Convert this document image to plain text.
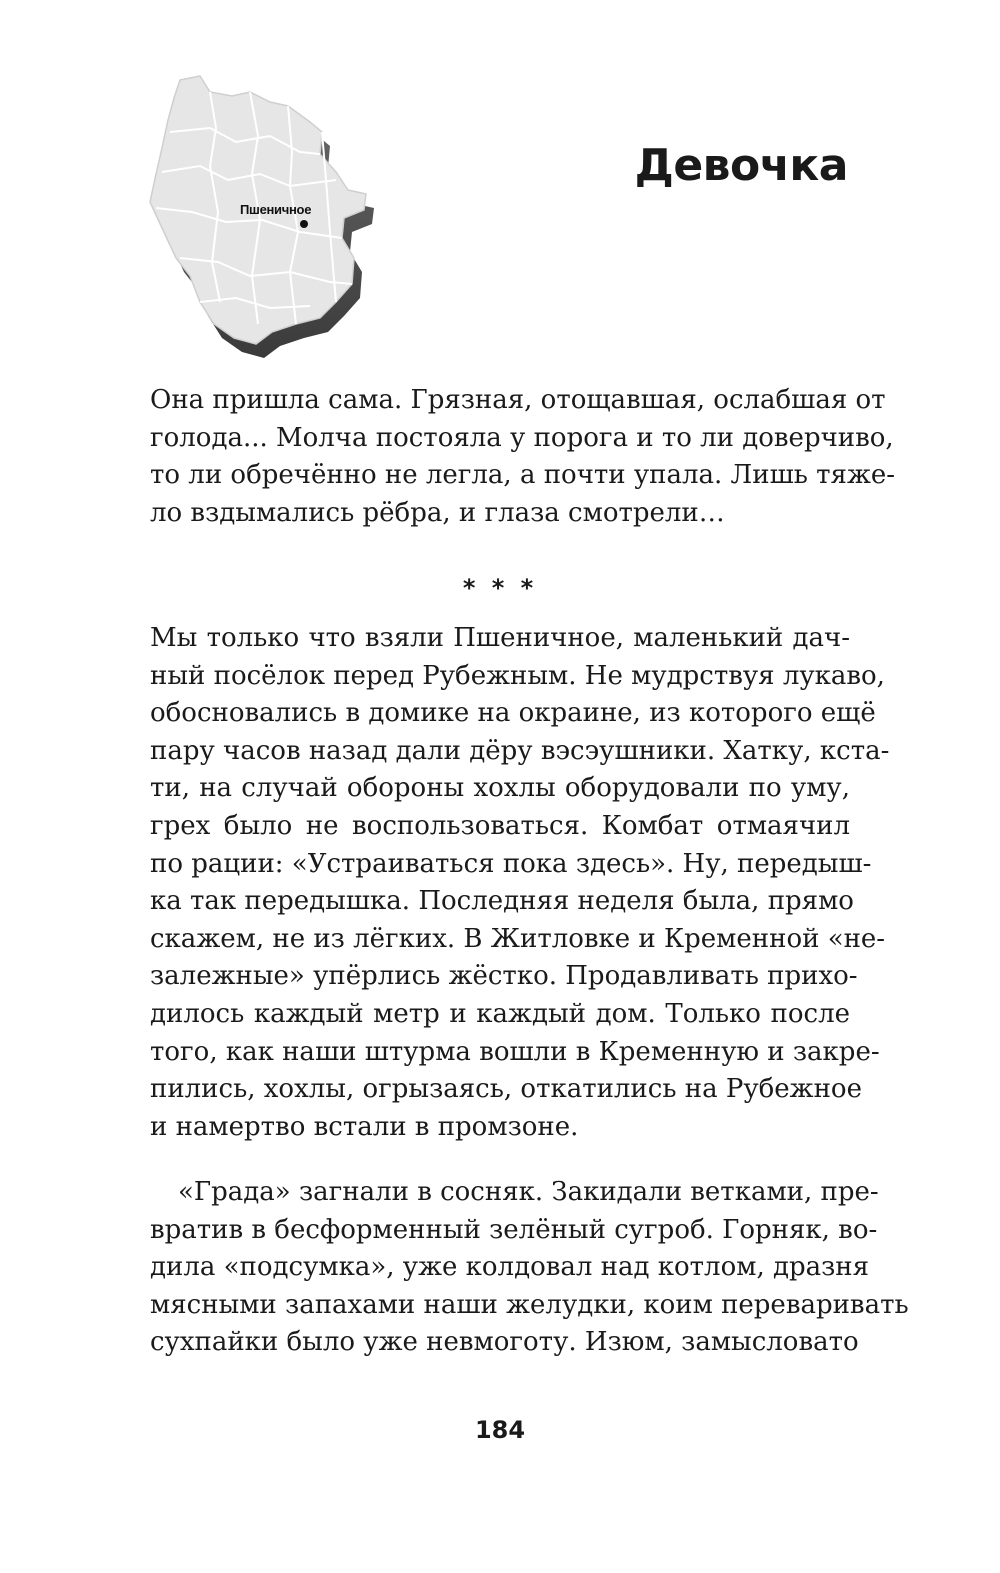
Пшеничное
Девочка
Она пришла сама. Грязная, отощавшая, ослабшая от
голода... Молча постояла у порога и то ли доверчиво,
то ли обречённо не легла, а почти упала. Лишь тяже-
ло вздымались рёбра, и глаза смотрели…
* * *
Мы только что взяли Пшеничное, маленький дач-
ный посёлок перед Рубежным. Не мудрствуя лукаво,
обосновались в домике на окраине, из которого ещё
пару часов назад дали дёру вэсэушники. Хатку, кста-
ти, на случай обороны хохлы оборудовали по уму,
грех было не воспользоваться. Комбат отмаячил
по рации: «Устраиваться пока здесь». Ну, передыш-
ка так передышка. Последняя неделя была, прямо
скажем, не из лёгких. В Житловке и Кременной «не-
залежные» упёрлись жёстко. Продавливать прихо-
дилось каждый метр и каждый дом. Только после
того, как наши штурма вошли в Кременную и закре-
пились, хохлы, огрызаясь, откатились на Рубежное
и намертво встали в промзоне.
«Града» загнали в сосняк. Закидали ветками, пре-
вратив в бесформенный зелёный сугроб. Горняк, во-
дила «подсумка», уже колдовал над котлом, дразня
мясными запахами наши желудки, коим переваривать
сухпайки было уже невмоготу. Изюм, замысловато
184
